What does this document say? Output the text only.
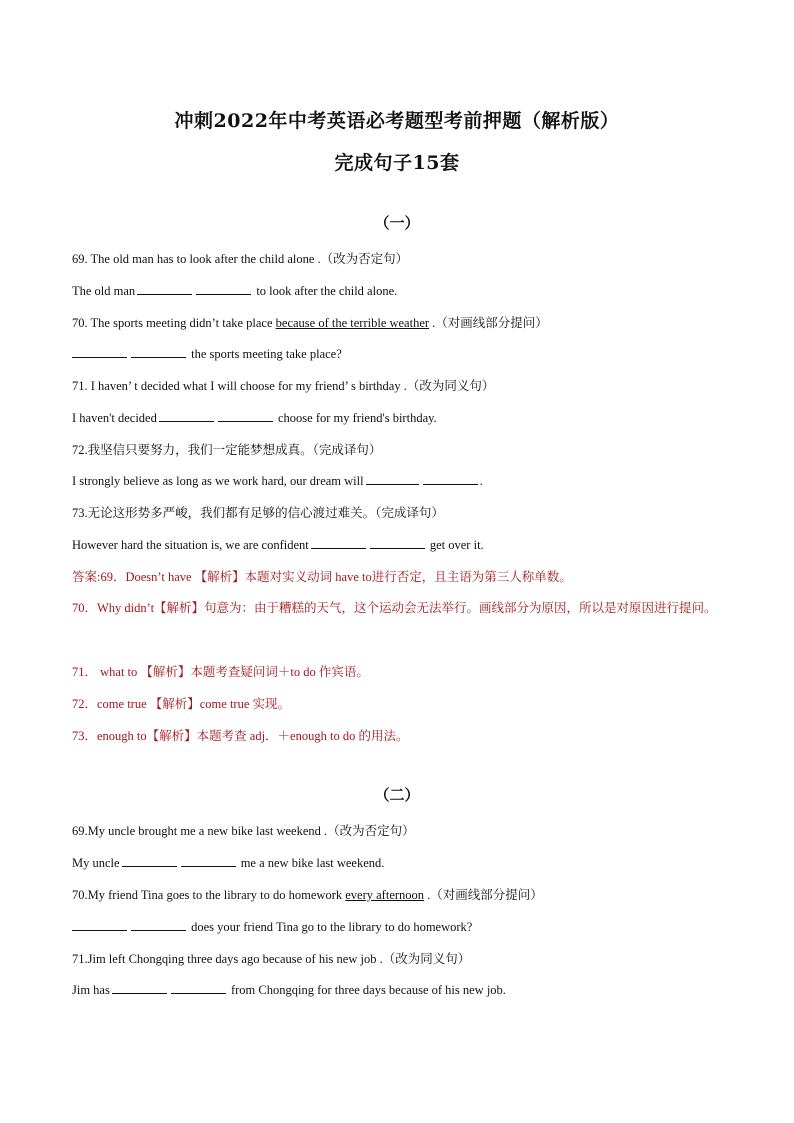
冲刺2022年中考英语必考题型考前押题（解析版）
完成句子15套
（一）
69. The old man has to look after the child alone .（改为否定句）
The old man	to look after the child alone.
70. The sports meeting didn’t take place because of the terrible weather .（对画线部分提问）
the sports meeting take place?
71. I haven’ t decided what I will choose for my friend’ s birthday .（改为同义句）
I haven't decided	choose for my friend's birthday.
72.我坚信只要努力，我们一定能梦想成真。（完成译句）
I strongly believe as long as we work hard, our dream will	.
73.无论这形势多严峻，我们都有足够的信心渡过难关。（完成译句）
However hard the situation is, we are confident	get over it.
答案:69．Doesn’t have 【解析】本题对实义动词 have to进行否定，且主语为第三人称单数。
70．Why didn’t【解析】句意为：由于糟糕的天气，这个运动会无法举行。画线部分为原因，所以是对原因进行提问。
71． what to 【解析】本题考查疑问词＋to do 作宾语。
72．come true 【解析】come true 实现。
73．enough to【解析】本题考查 adj．＋enough to do 的用法。
（二）
69.My uncle brought me a new bike last weekend .（改为否定句）
My uncle	me a new bike last weekend.
70.My friend Tina goes to the library to do homework every afternoon .（对画线部分提问）
does your friend Tina go to the library to do homework?
71.Jim left Chongqing three days ago because of his new job .（改为同义句）
Jim has	from Chongqing for three days because of his new job.
